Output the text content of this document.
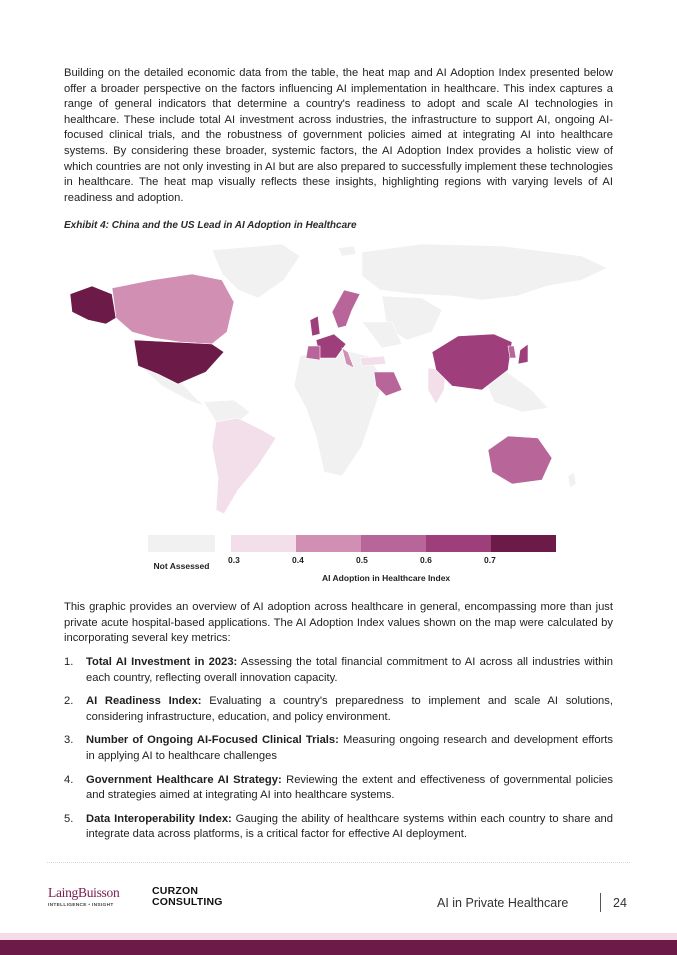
Building on the detailed economic data from the table, the heat map and AI Adoption Index presented below offer a broader perspective on the factors influencing AI implementation in healthcare. This index captures a range of general indicators that determine a country's readiness to adopt and scale AI technologies in healthcare. These include total AI investment across industries, the infrastructure to support AI, ongoing AI-focused clinical trials, and the robustness of government policies aimed at integrating AI into healthcare systems. By considering these broader, systemic factors, the AI Adoption Index provides a holistic view of which countries are not only investing in AI but are also prepared to successfully implement these technologies in healthcare. The heat map visually reflects these insights, highlighting regions with varying levels of AI readiness and adoption.

Exhibit 4: China and the US Lead in AI Adoption in Healthcare
Not Assessed
0.3	0.4	0.5	0.6	0.7
AI Adoption in Healthcare Index

This graphic provides an overview of AI adoption across healthcare in general, encompassing more than just private acute hospital-based applications. The AI Adoption Index values shown on the map were calculated by incorporating several key metrics:

1. Total AI Investment in 2023: Assessing the total financial commitment to AI across all industries within each country, reflecting overall innovation capacity.
2. AI Readiness Index: Evaluating a country's preparedness to implement and scale AI solutions, considering infrastructure, education, and policy environment.
3. Number of Ongoing AI-Focused Clinical Trials: Measuring ongoing research and development efforts in applying AI to healthcare challenges
4. Government Healthcare AI Strategy: Reviewing the extent and effectiveness of governmental policies and strategies aimed at integrating AI into healthcare systems.
5. Data Interoperability Index: Gauging the ability of healthcare systems within each country to share and integrate data across platforms, is a critical factor for effective AI deployment.
LaingBuisson
INTELLIGENCE • INSIGHT
CURZON
CONSULTING	AI in Private Healthcare	24
